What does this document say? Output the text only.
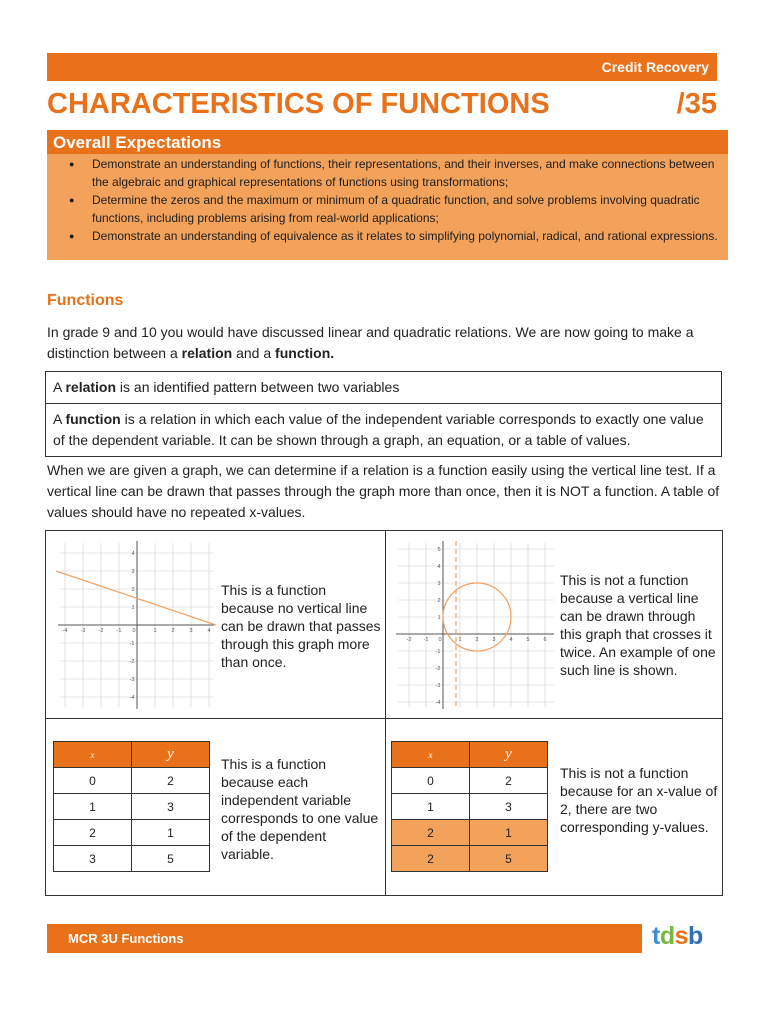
Credit Recovery
CHARACTERISTICS OF FUNCTIONS	/35
Overall Expectations
● Demonstrate an understanding of functions, their representations, and their inverses, and make connections between the algebraic and graphical representations of functions using transformations;
● Determine the zeros and the maximum or minimum of a quadratic function, and solve problems involving quadratic functions, including problems arising from real-world applications;
● Demonstrate an understanding of equivalence as it relates to simplifying polynomial, radical, and rational expressions.
Functions

In grade 9 and 10 you would have discussed linear and quadratic relations. We are now going to make a distinction between a relation and a function.

A relation is an identified pattern between two variables
A function is a relation in which each value of the independent variable corresponds to exactly one value of the dependent variable. It can be shown through a graph, an equation, or a table of values.

When we are given a graph, we can determine if a relation is a function easily using the vertical line test. If a vertical line can be drawn that passes through the graph more than once, then it is NOT a function. A table of values should have no repeated x-values.

-4 -3 -2 -1 0	1	2	3	4
4
3
2
1
-1
-2
-3
-4
This is a function because no vertical line can be drawn that passes through this graph more than once.
-2 -1 0	1	2	3	4	5	6
5
4
3
2
1
-1
-2
-3
-4
This is not a function because a vertical line can be drawn through this graph that crosses it twice. An example of one such line is shown.
x	y
0	2
1	3
2	1
3	5
This is a function because each independent variable corresponds to one value of the dependent variable.
x	y
0	2
1	3
2	1
2	5
This is not a function because for an x-value of 2, there are two corresponding y-values.
MCR 3U Functions	tdsb
